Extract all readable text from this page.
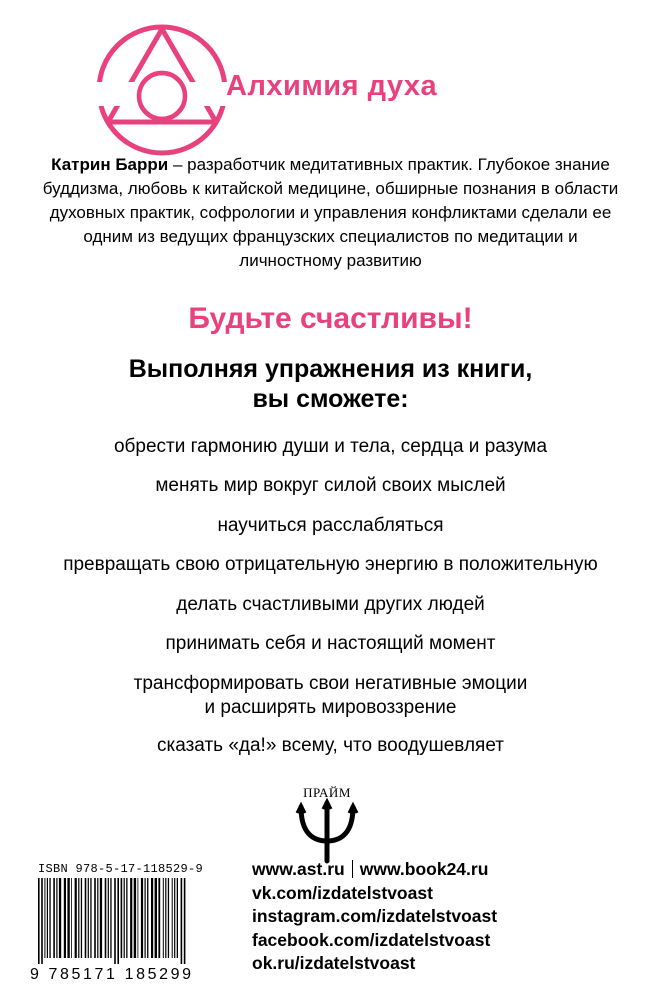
Алхимия духа
Катрин Барри – разработчик медитативных практик. Глубокое знание буддизма, любовь к китайской медицине, обширные познания в области духовных практик, софрологии и управления конфликтами сделали ее одним из ведущих французских специалистов по медитации и личностному развитию
Будьте счастливы!
Выполняя упражнения из книги,
вы сможете:
обрести гармонию души и тела, сердца и разума
менять мир вокруг силой своих мыслей
научиться расслабляться
превращать свою отрицательную энергию в положительную
делать счастливыми других людей
принимать себя и настоящий момент
трансформировать свои негативные эмоции
и расширять мировоззрение
сказать «да!» всему, что воодушевляет
ПРАЙМ
ISBN 978-5-17-118529-9
9 785171 185299
www.ast.ru www.book24.ru
vk.com/izdatelstvoast
instagram.com/izdatelstvoast
facebook.com/izdatelstvoast
ok.ru/izdatelstvoast
